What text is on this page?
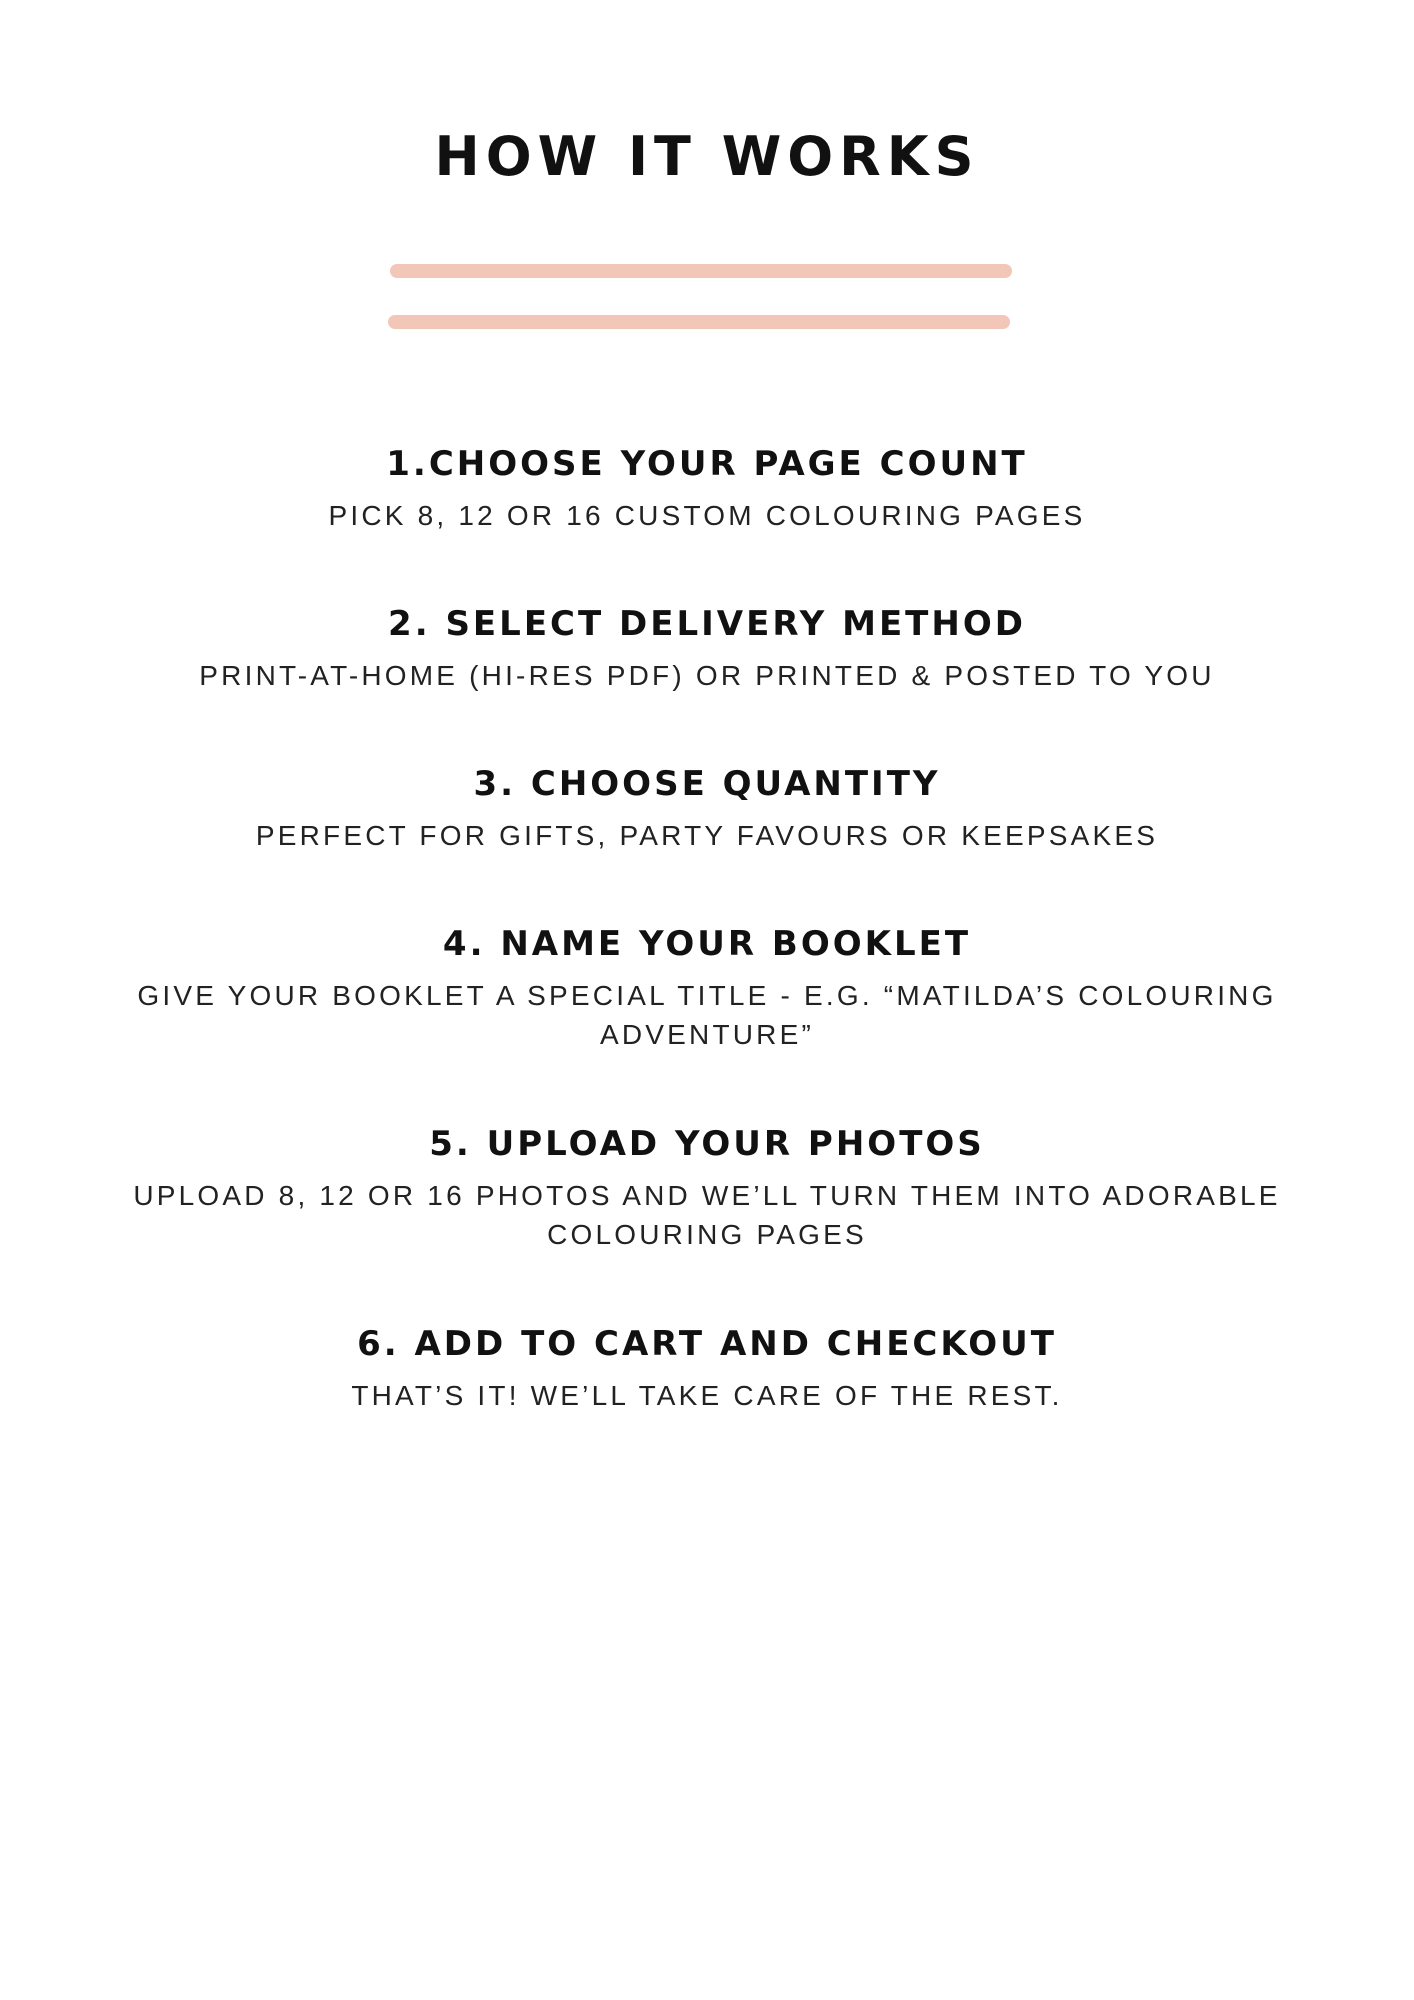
HOW IT WORKS
1.CHOOSE YOUR PAGE COUNT

PICK 8, 12 OR 16 CUSTOM COLOURING PAGES

2. SELECT DELIVERY METHOD

PRINT-AT-HOME (HI-RES PDF) OR PRINTED & POSTED TO YOU

3. CHOOSE QUANTITY

PERFECT FOR GIFTS, PARTY FAVOURS OR KEEPSAKES

4. NAME YOUR BOOKLET

GIVE YOUR BOOKLET A SPECIAL TITLE - E.G. “MATILDA’S COLOURING ADVENTURE”

5. UPLOAD YOUR PHOTOS

UPLOAD 8, 12 OR 16 PHOTOS AND WE’LL TURN THEM INTO ADORABLE COLOURING PAGES

6. ADD TO CART AND CHECKOUT

THAT’S IT! WE’LL TAKE CARE OF THE REST.
